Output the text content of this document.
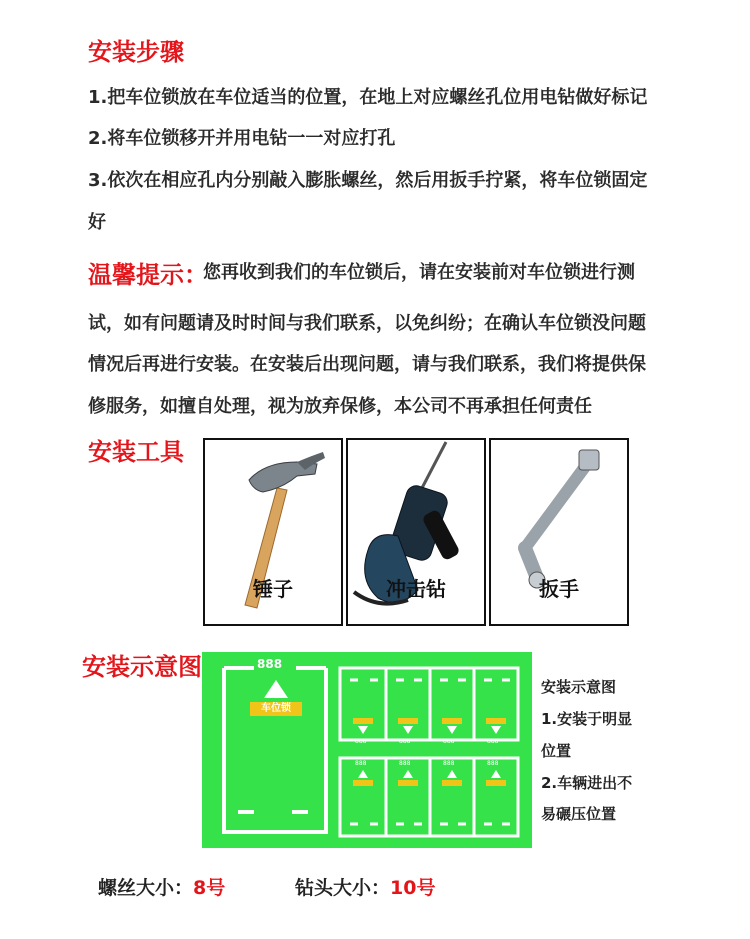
安装步骤
1.把车位锁放在车位适当的位置，在地上对应螺丝孔位用电钻做好标记
2.将车位锁移开并用电钻一一对应打孔
3.依次在相应孔内分别敲入膨胀螺丝，然后用扳手拧紧，将车位锁固定
好
温馨提示：
您再收到我们的车位锁后，请在安装前对车位锁进行测
试，如有问题请及时时间与我们联系，以免纠纷；在确认车位锁没问题
情况后再进行安装。在安装后出现问题，请与我们联系，我们将提供保
修服务，如擅自处理，视为放弃保修，本公司不再承担任何责任
安装工具
锤子	冲击钻	扳手
安装示意图	888
车位锁
888	888	888	888
888	888	888	888
安装示意图
1.安装于明显
位置
2.车辆进出不
易碾压位置
螺丝大小：8号	钻头大小：10号
